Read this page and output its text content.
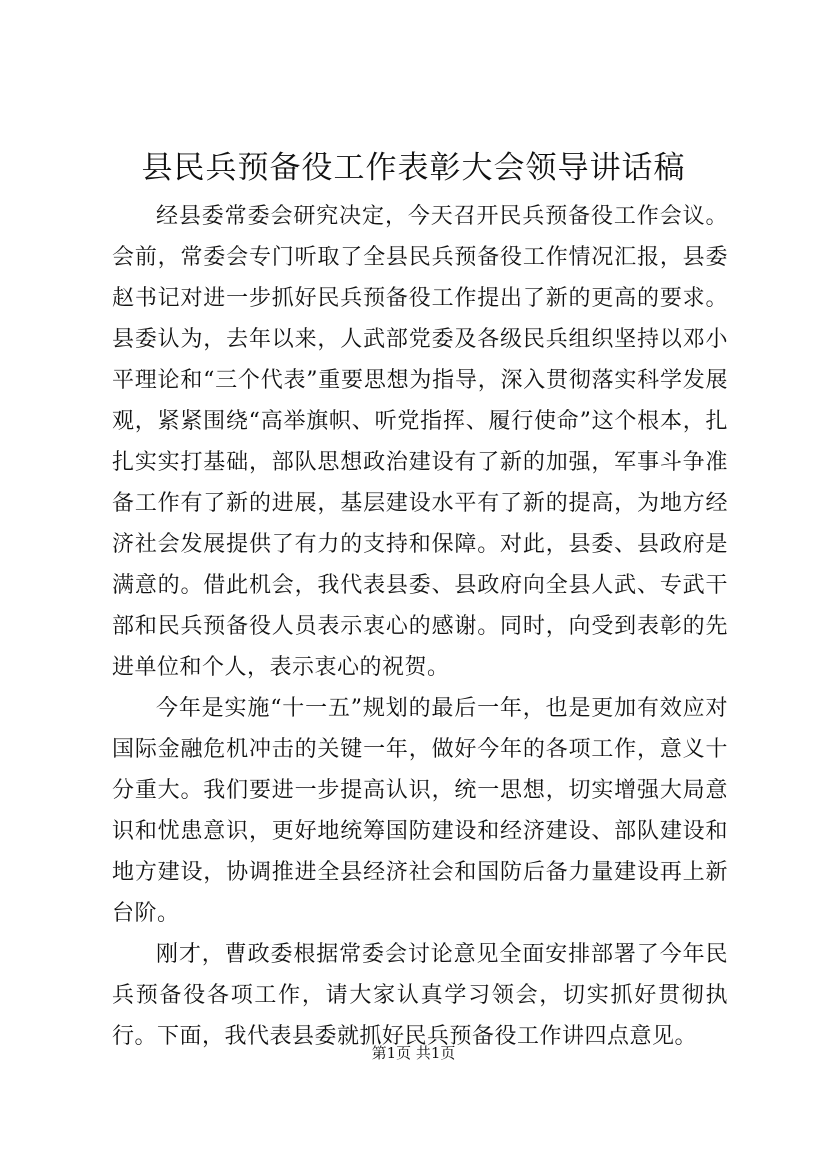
县民兵预备役工作表彰大会领导讲话稿

经县委常委会研究决定，今天召开民兵预备役工作会议。会前，常委会专门听取了全县民兵预备役工作情况汇报，县委赵书记对进一步抓好民兵预备役工作提出了新的更高的要求。县委认为，去年以来，人武部党委及各级民兵组织坚持以邓小平理论和“三个代表”重要思想为指导，深入贯彻落实科学发展观，紧紧围绕“高举旗帜、听党指挥、履行使命”这个根本，扎扎实实打基础，部队思想政治建设有了新的加强，军事斗争准备工作有了新的进展，基层建设水平有了新的提高，为地方经济社会发展提供了有力的支持和保障。对此，县委、县政府是满意的。借此机会，我代表县委、县政府向全县人武、专武干部和民兵预备役人员表示衷心的感谢。同时，向受到表彰的先进单位和个人，表示衷心的祝贺。

今年是实施“十一五”规划的最后一年，也是更加有效应对国际金融危机冲击的关键一年，做好今年的各项工作，意义十分重大。我们要进一步提高认识，统一思想，切实增强大局意识和忧患意识，更好地统筹国防建设和经济建设、部队建设和地方建设，协调推进全县经济社会和国防后备力量建设再上新台阶。

刚才，曹政委根据常委会讨论意见全面安排部署了今年民兵预备役各项工作，请大家认真学习领会，切实抓好贯彻执行。下面，我代表县委就抓好民兵预备役工作讲四点意见。

第1页 共1页
